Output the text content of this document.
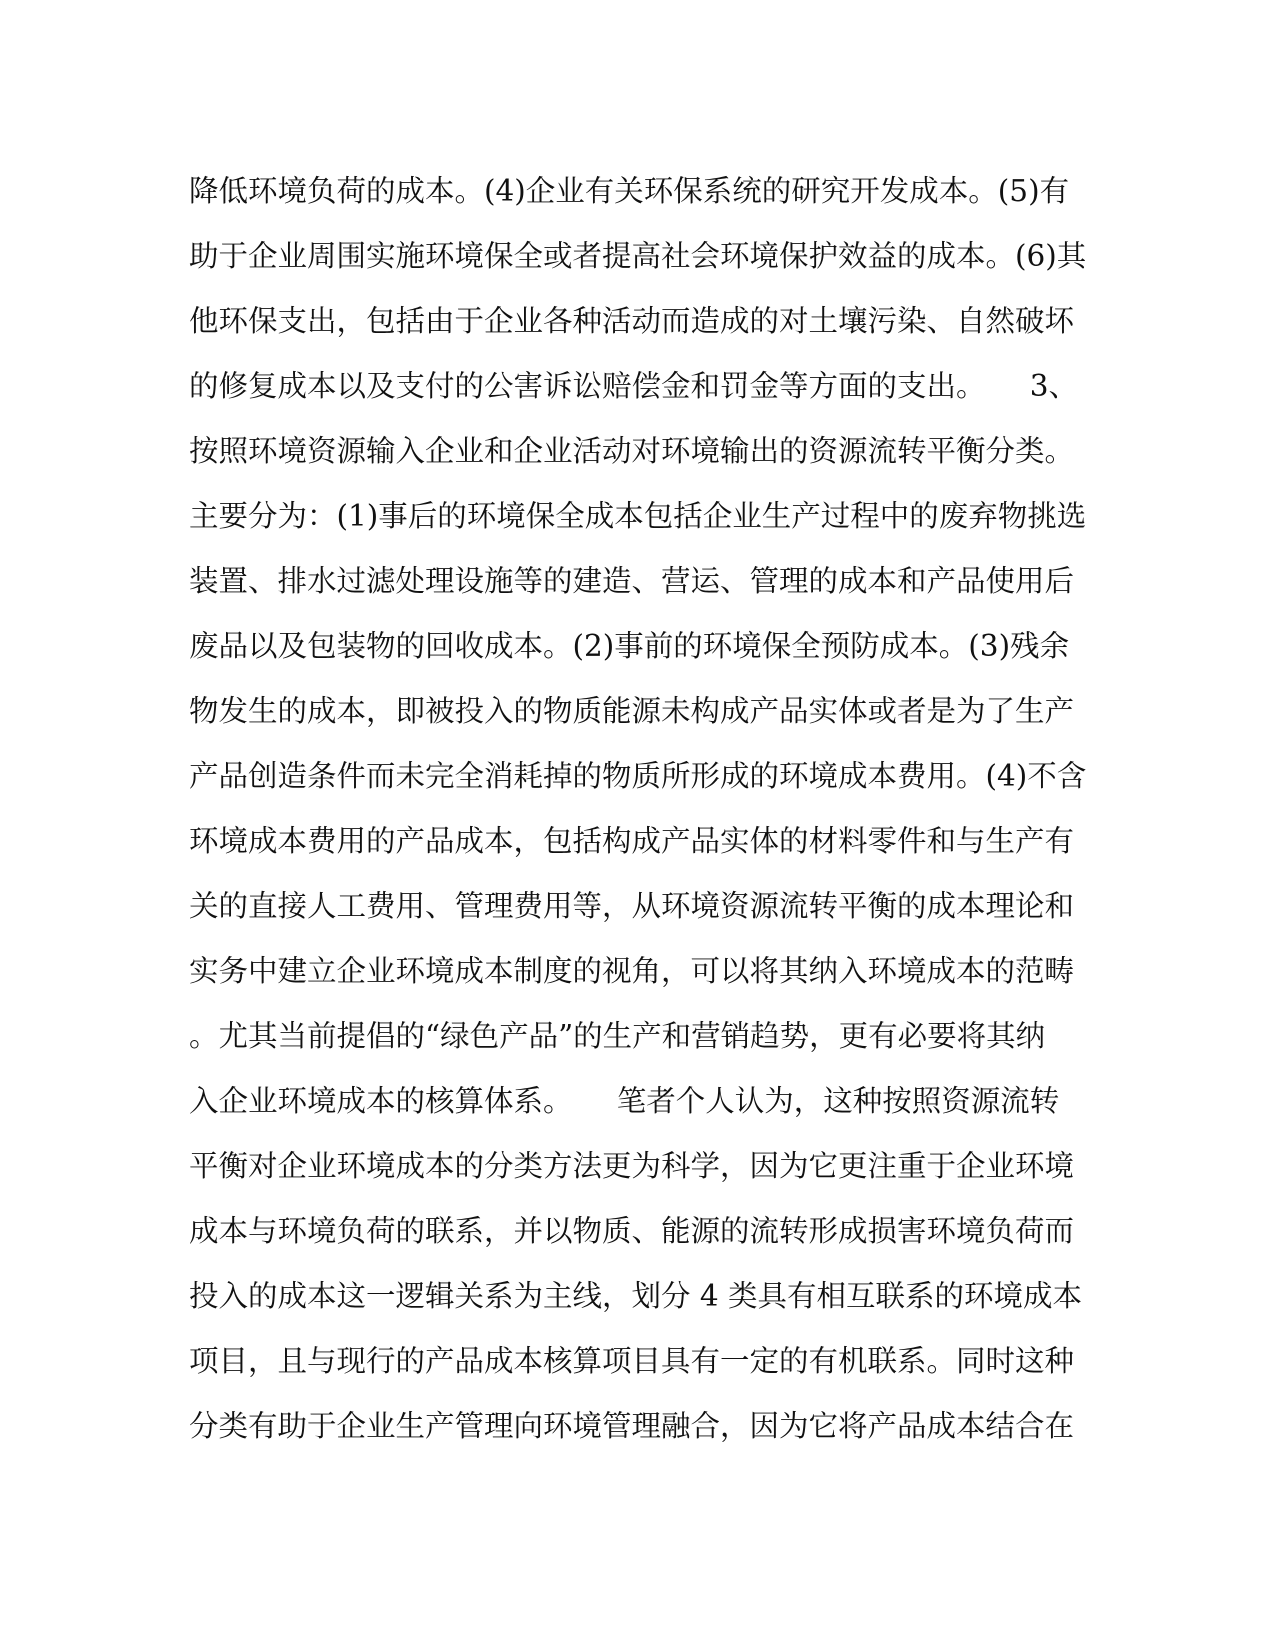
降低环境负荷的成本。(4)企业有关环保系统的研究开发成本。(5)有
助于企业周围实施环境保全或者提高社会环境保护效益的成本。(6)其
他环保支出，包括由于企业各种活动而造成的对土壤污染、自然破坏
的修复成本以及支付的公害诉讼赔偿金和罚金等方面的支出。　　3、
按照环境资源输入企业和企业活动对环境输出的资源流转平衡分类。
主要分为：(1)事后的环境保全成本包括企业生产过程中的废弃物挑选
装置、排水过滤处理设施等的建造、营运、管理的成本和产品使用后
废品以及包装物的回收成本。(2)事前的环境保全预防成本。(3)残余
物发生的成本，即被投入的物质能源未构成产品实体或者是为了生产
产品创造条件而未完全消耗掉的物质所形成的环境成本费用。(4)不含
环境成本费用的产品成本，包括构成产品实体的材料零件和与生产有
关的直接人工费用、管理费用等，从环境资源流转平衡的成本理论和
实务中建立企业环境成本制度的视角，可以将其纳入环境成本的范畴
。尤其当前提倡的“绿色产品”的生产和营销趋势，更有必要将其纳
入企业环境成本的核算体系。　　笔者个人认为，这种按照资源流转
平衡对企业环境成本的分类方法更为科学，因为它更注重于企业环境
成本与环境负荷的联系，并以物质、能源的流转形成损害环境负荷而
投入的成本这一逻辑关系为主线，划分 4 类具有相互联系的环境成本
项目，且与现行的产品成本核算项目具有一定的有机联系。同时这种
分类有助于企业生产管理向环境管理融合，因为它将产品成本结合在
